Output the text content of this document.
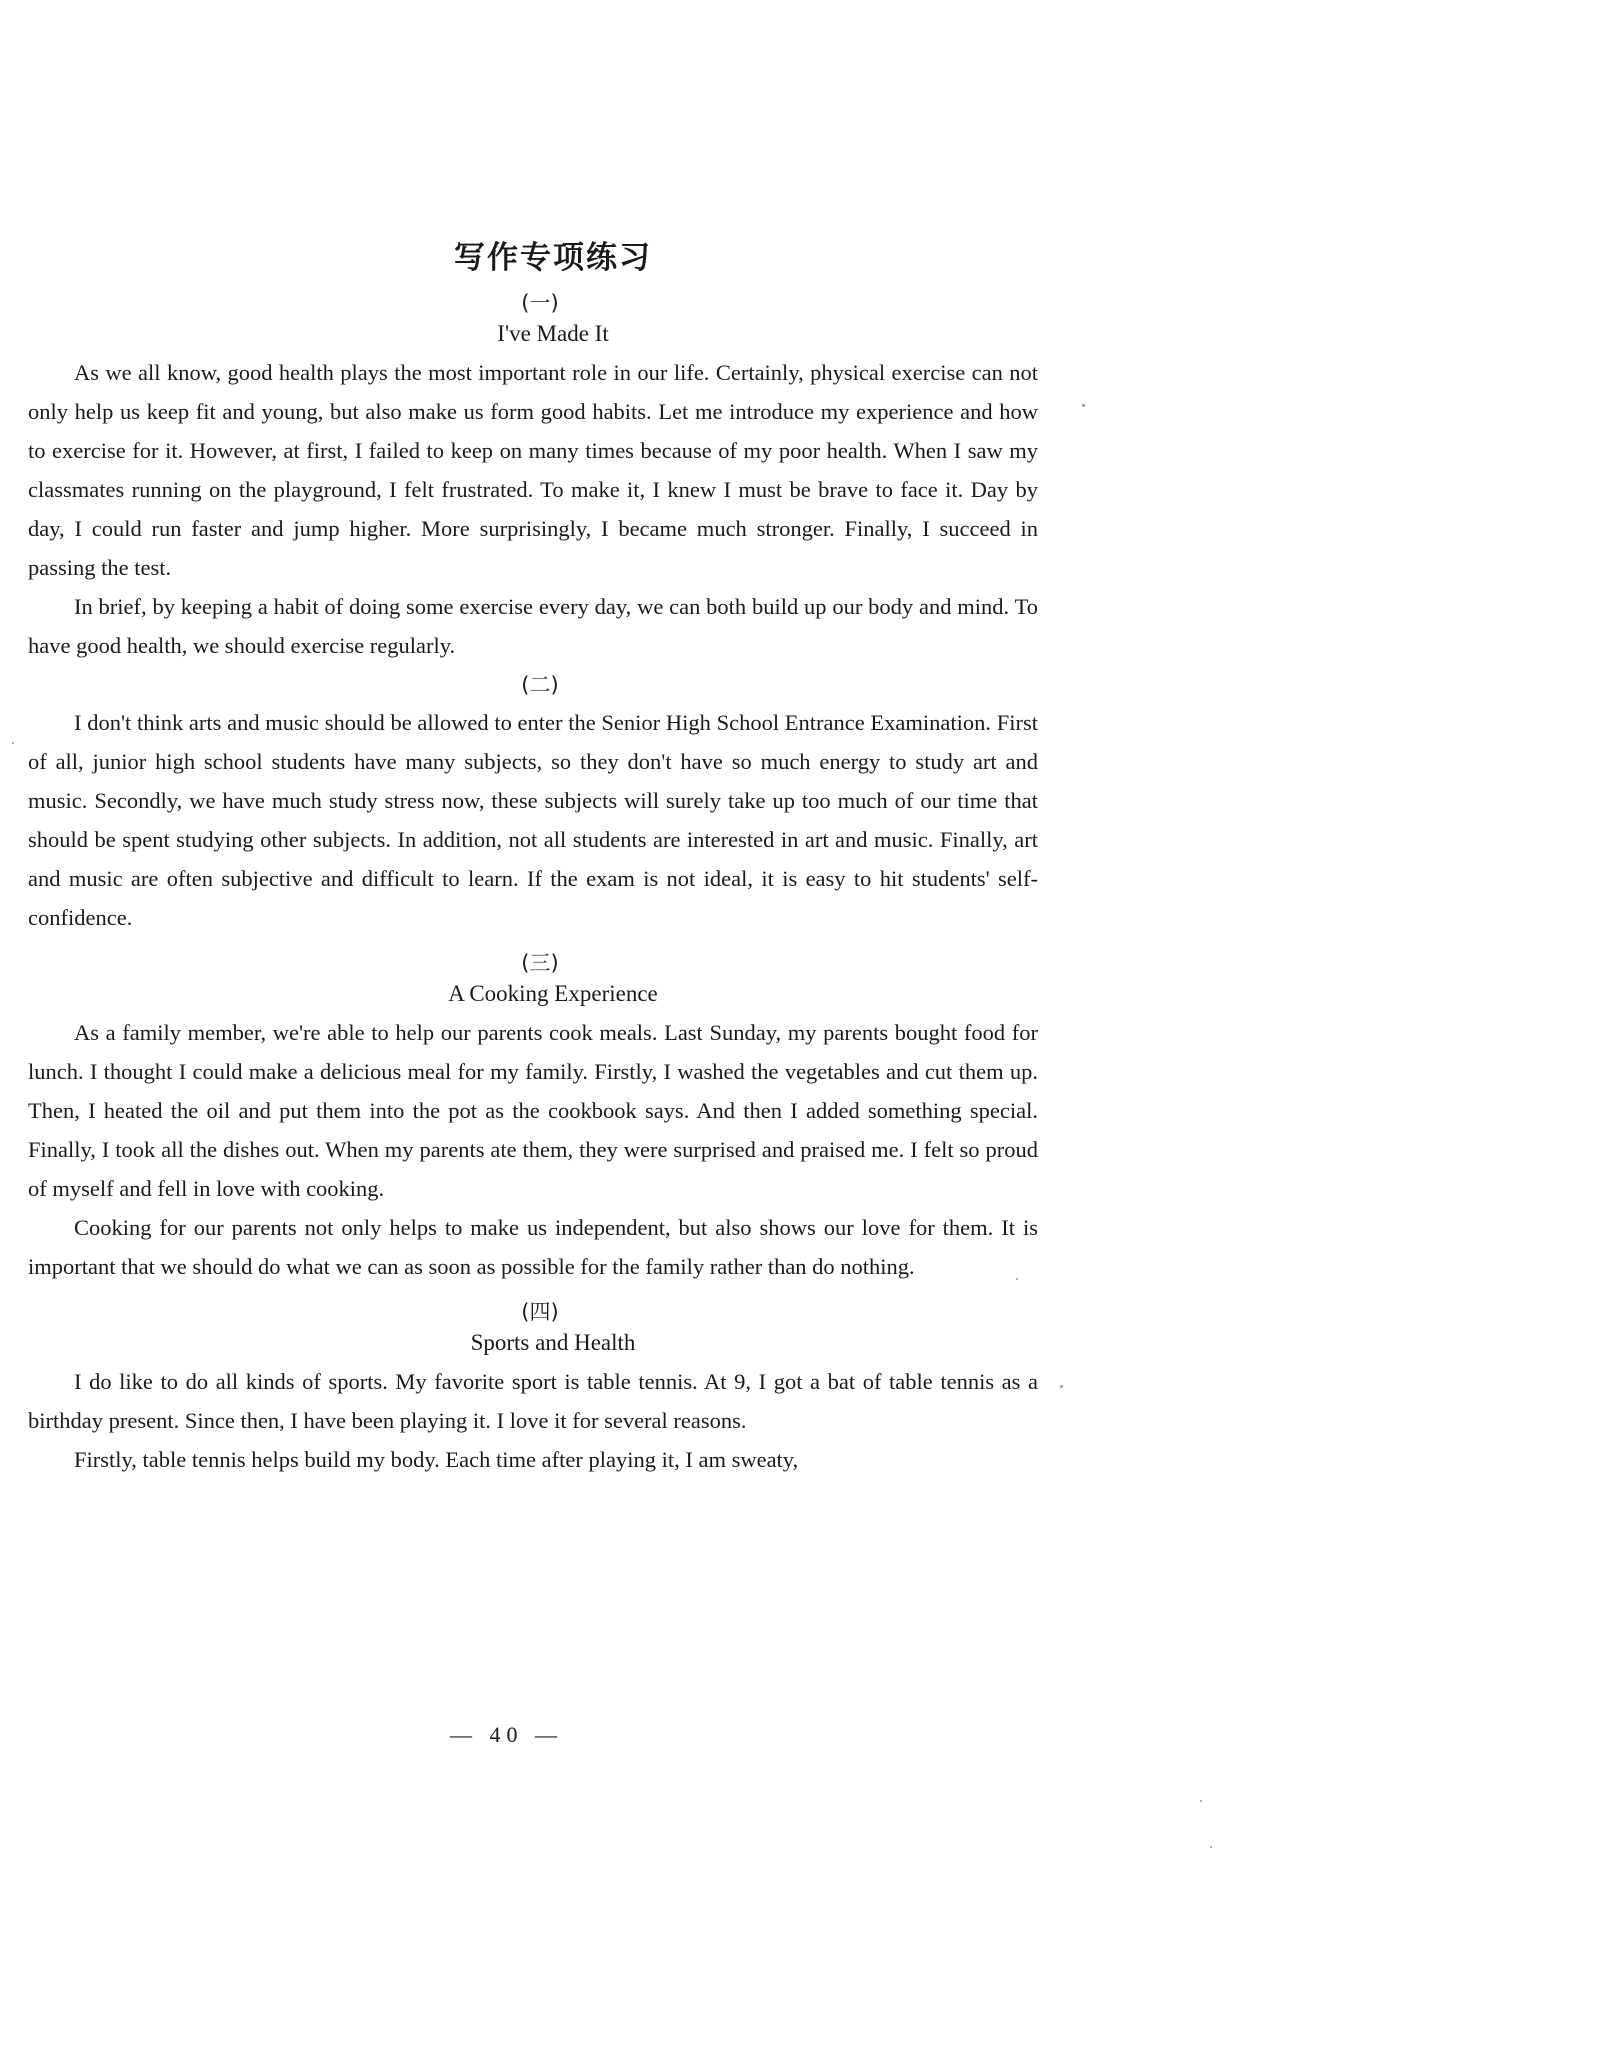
写作专项练习
(一)
I've Made It

As we all know, good health plays the most important role in our life. Certainly, physical exercise can not only help us keep fit and young, but also make us form good habits. Let me introduce my experience and how to exercise for it. However, at first, I failed to keep on many times because of my poor health. When I saw my classmates running on the playground, I felt frustrated. To make it, I knew I must be brave to face it. Day by day, I could run faster and jump higher. More surprisingly, I became much stronger. Finally, I succeed in passing the test.

In brief, by keeping a habit of doing some exercise every day, we can both build up our body and mind. To have good health, we should exercise regularly.

(二)

I don't think arts and music should be allowed to enter the Senior High School Entrance Examination. First of all, junior high school students have many subjects, so they don't have so much energy to study art and music. Secondly, we have much study stress now, these subjects will surely take up too much of our time that should be spent studying other subjects. In addition, not all students are interested in art and music. Finally, art and music are often subjective and difficult to learn. If the exam is not ideal, it is easy to hit students' self-confidence.

(三)
A Cooking Experience

As a family member, we're able to help our parents cook meals. Last Sunday, my parents bought food for lunch. I thought I could make a delicious meal for my family. Firstly, I washed the vegetables and cut them up. Then, I heated the oil and put them into the pot as the cookbook says. And then I added something special. Finally, I took all the dishes out. When my parents ate them, they were surprised and praised me. I felt so proud of myself and fell in love with cooking.

Cooking for our parents not only helps to make us independent, but also shows our love for them. It is important that we should do what we can as soon as possible for the family rather than do nothing.

(四)
Sports and Health

I do like to do all kinds of sports. My favorite sport is table tennis. At 9, I got a bat of table tennis as a birthday present. Since then, I have been playing it. I love it for several reasons.

Firstly, table tennis helps build my body. Each time after playing it, I am sweaty,

— 40 —
